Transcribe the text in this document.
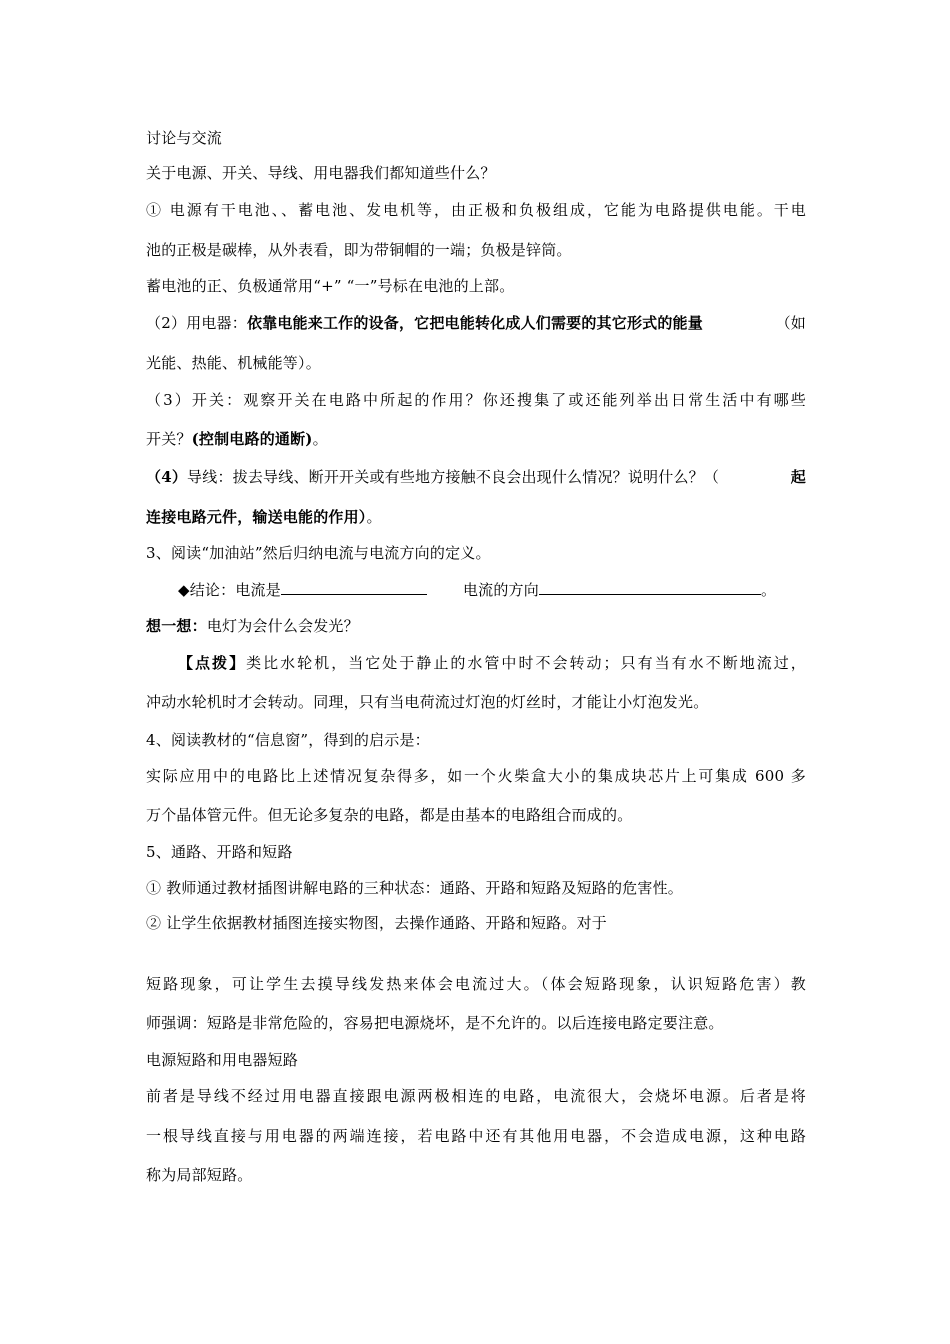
讨论与交流
关于电源、开关、导线、用电器我们都知道些什么？
① 电源有干电池、、蓄电池、发电机等，由正极和负极组成，它能为电路提供电能。干电
池的正极是碳棒，从外表看，即为带铜帽的一端；负极是锌筒。
蓄电池的正、负极通常用“+” “一”号标在电池的上部。
（2）用电器：依靠电能来工作的设备，它把电能转化成人们需要的其它形式的能量	（如
光能、热能、机械能等）。
（3）开关：观察开关在电路中所起的作用？你还搜集了或还能列举出日常生活中有哪些
开关？(控制电路的通断)。
（4）导线：拔去导线、断开开关或有些地方接触不良会出现什么情况？说明什么？（	起
连接电路元件，输送电能的作用）。
3、阅读“加油站”然后归纳电流与电流方向的定义。
◆结论：电流是	电流的方向	。
想一想：电灯为会什么会发光？
【点拨】类比水轮机，当它处于静止的水管中时不会转动；只有当有水不断地流过，
冲动水轮机时才会转动。同理，只有当电荷流过灯泡的灯丝时，才能让小灯泡发光。
4、阅读教材的“信息窗”，得到的启示是：
实际应用中的电路比上述情况复杂得多，如一个火柴盒大小的集成块芯片上可集成 600 多
万个晶体管元件。但无论多复杂的电路，都是由基本的电路组合而成的。
5、通路、开路和短路
① 教师通过教材插图讲解电路的三种状态：通路、开路和短路及短路的危害性。
② 让学生依据教材插图连接实物图，去操作通路、开路和短路。对于
短路现象，可让学生去摸导线发热来体会电流过大。（体会短路现象，认识短路危害）教
师强调：短路是非常危险的，容易把电源烧坏，是不允许的。以后连接电路定要注意。
电源短路和用电器短路
前者是导线不经过用电器直接跟电源两极相连的电路，电流很大，会烧坏电源。后者是将
一根导线直接与用电器的两端连接，若电路中还有其他用电器，不会造成电源，这种电路
称为局部短路。
